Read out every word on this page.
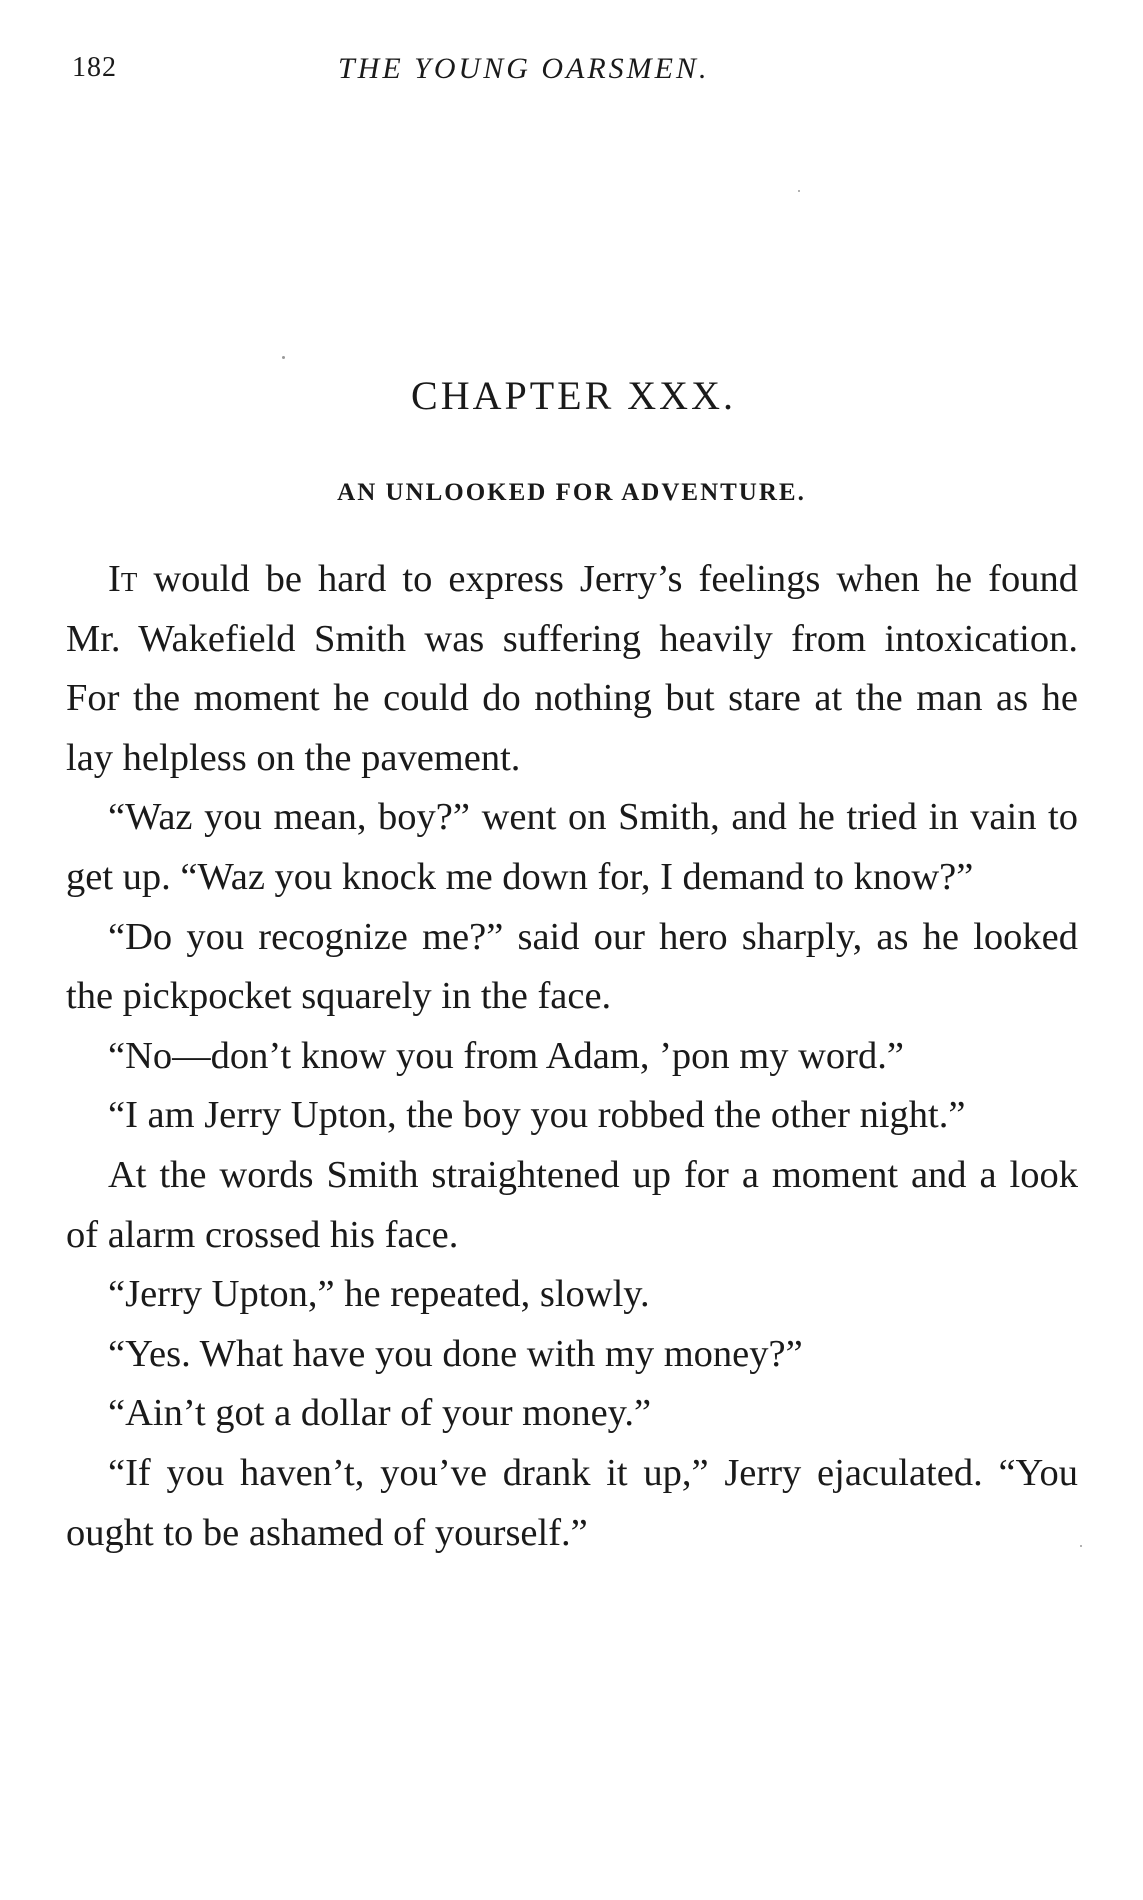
182	THE YOUNG OARSMEN.
CHAPTER XXX.
AN UNLOOKED FOR ADVENTURE.

It would be hard to express Jerry’s feelings when he found Mr. Wakefield Smith was suffering heavily from intoxication. For the moment he could do nothing but stare at the man as he lay helpless on the pavement.

“Waz you mean, boy?” went on Smith, and he tried in vain to get up. “Waz you knock me down for, I demand to know?”

“Do you recognize me?” said our hero sharply, as he looked the pickpocket squarely in the face.

“No—don’t know you from Adam, ’pon my word.”

“I am Jerry Upton, the boy you robbed the other night.”

At the words Smith straightened up for a moment and a look of alarm crossed his face.

“Jerry Upton,” he repeated, slowly.

“Yes. What have you done with my money?”

“Ain’t got a dollar of your money.”

“If you haven’t, you’ve drank it up,” Jerry ejaculated. “You ought to be ashamed of yourself.”
